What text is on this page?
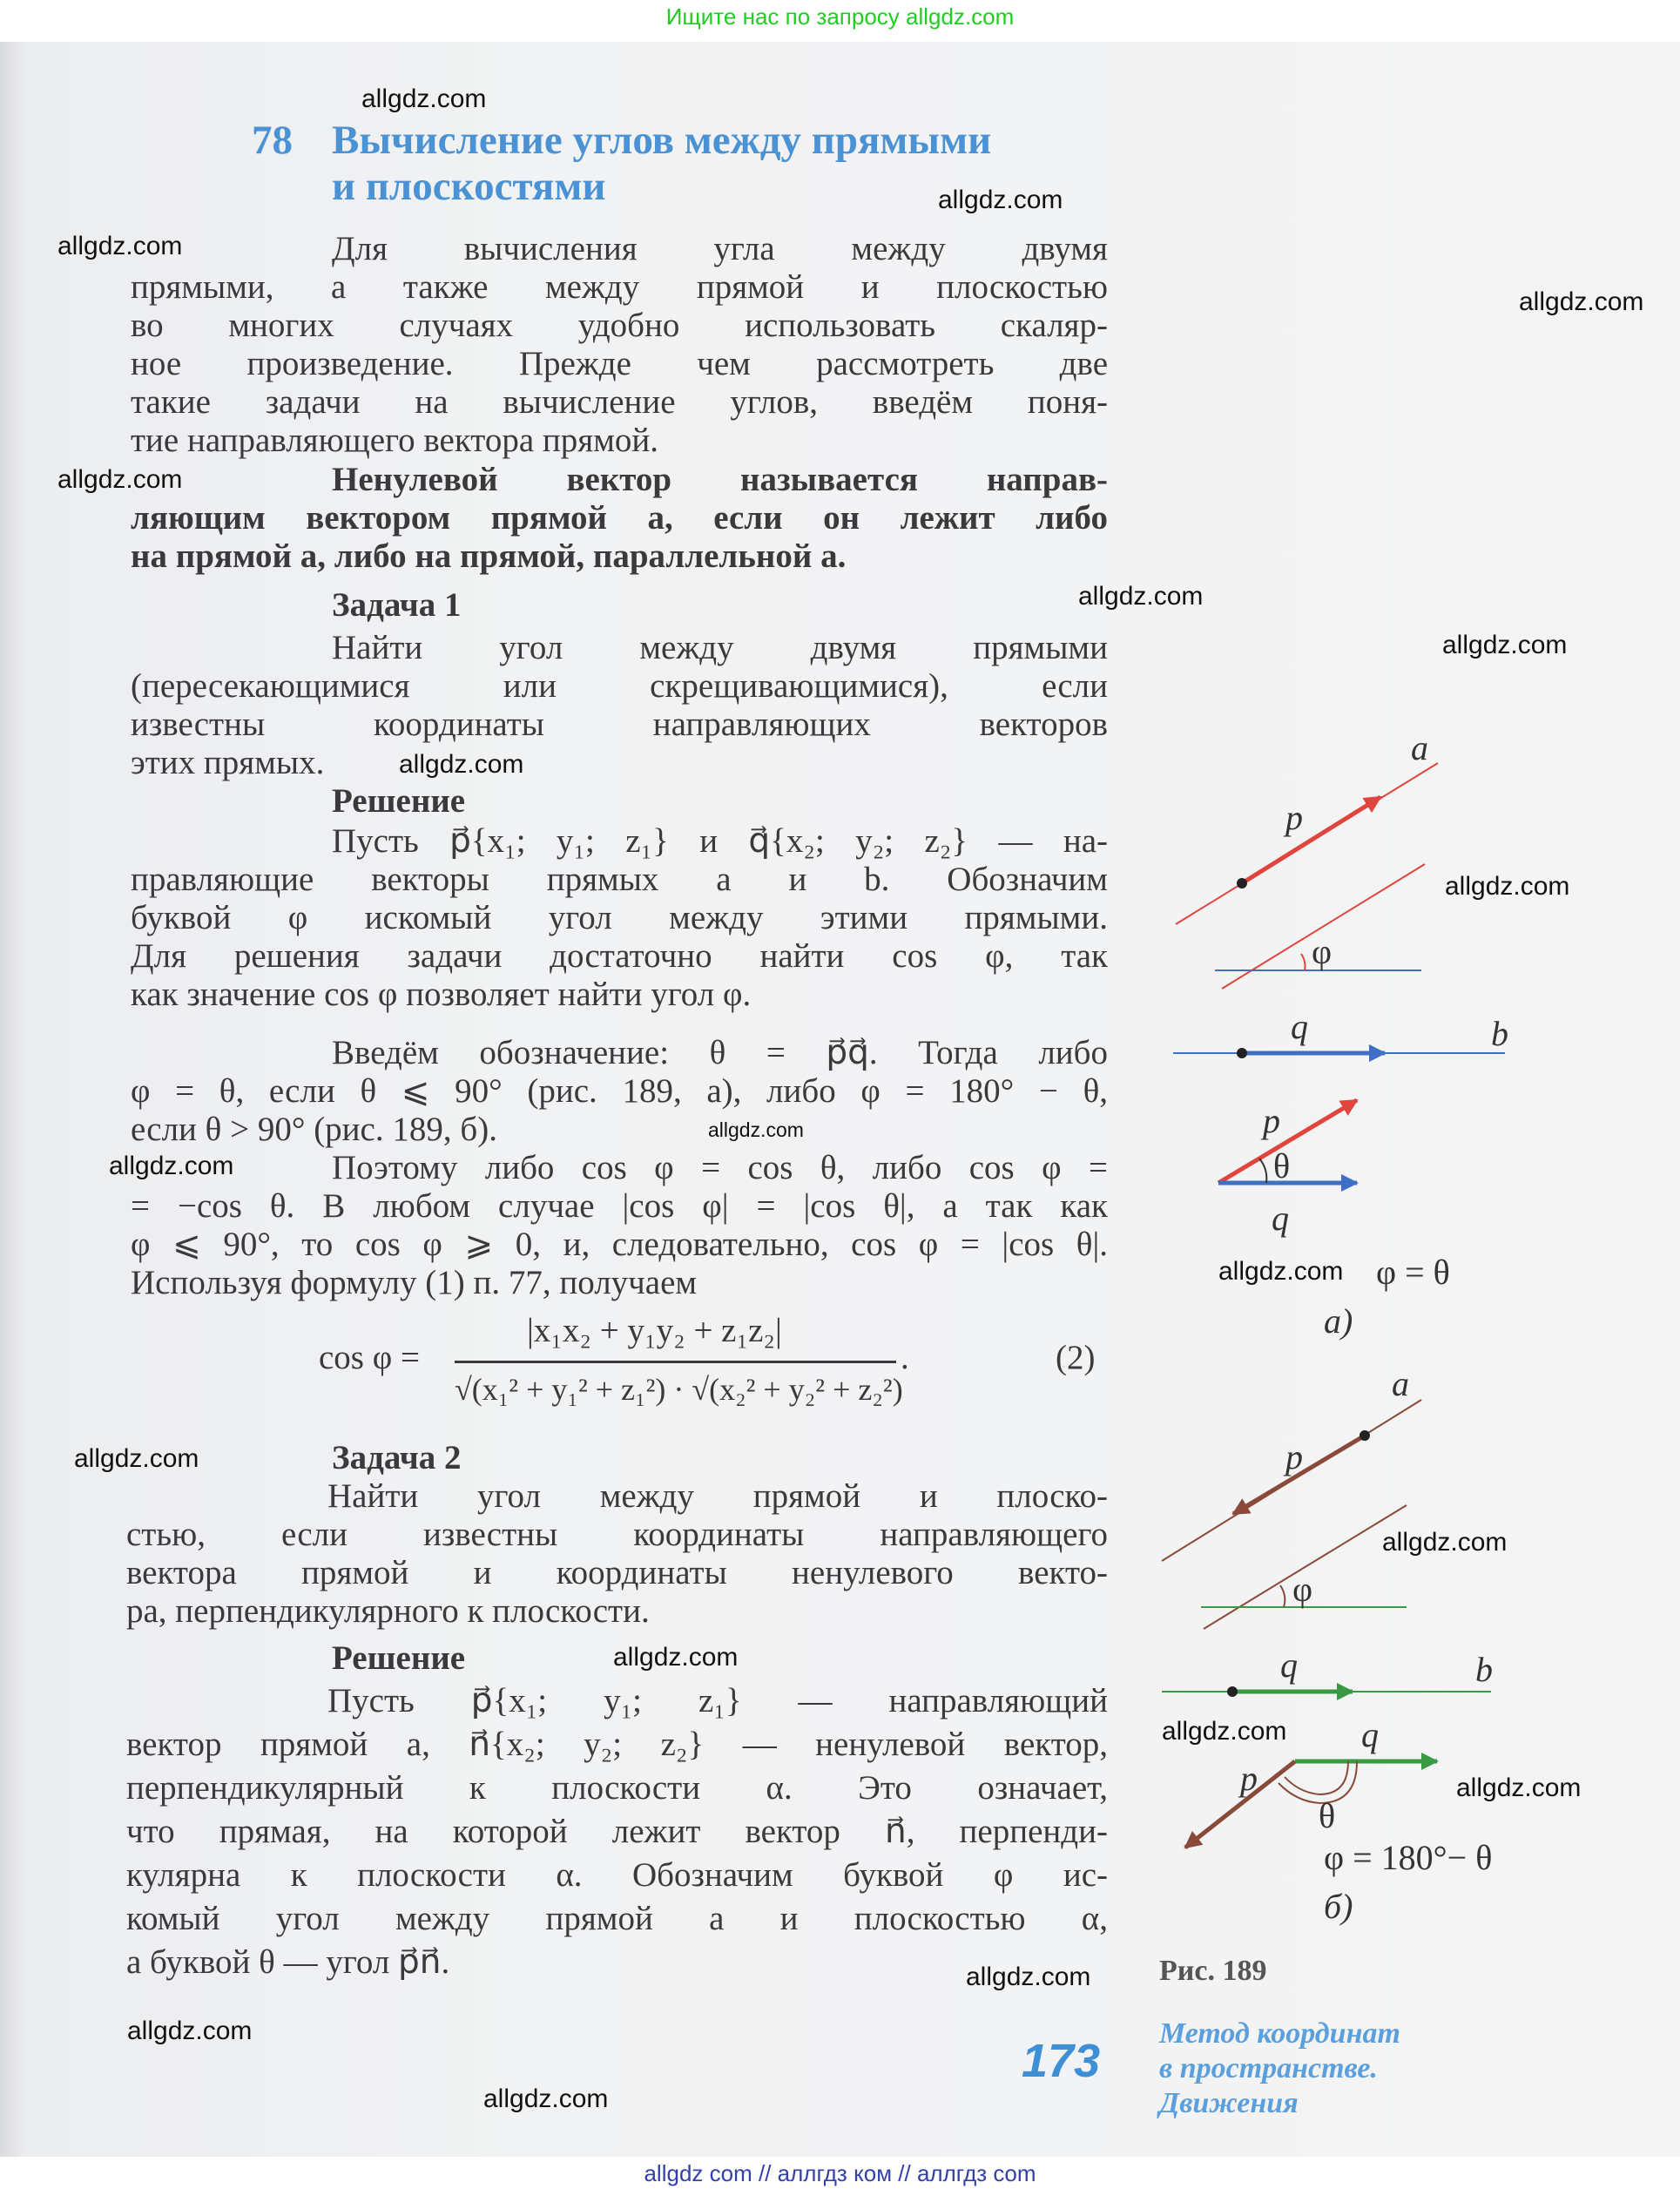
Ищите нас по запросу allgdz.com
78 Вычисление углов между прямыми
и плоскостями
Для вычисления угла между двумя
прямыми, а также между прямой и плоскостью
во многих случаях удобно использовать скаляр-
ное произведение. Прежде чем рассмотреть две
такие задачи на вычисление углов, введём поня-
тие направляющего вектора прямой.
Ненулевой вектор называется направ-
ляющим вектором прямой a, если он лежит либо
на прямой a, либо на прямой, параллельной a.
Задача 1
Найти угол между двумя прямыми
(пересекающимися или скрещивающимися), если
известны координаты направляющих векторов
этих прямых.
Решение
Пусть p⃗{x₁; y₁; z₁} и q⃗{x₂; y₂; z₂} — на-
правляющие векторы прямых a и b. Обозначим
буквой φ искомый угол между этими прямыми.
Для решения задачи достаточно найти cos φ, так
как значение cos φ позволяет найти угол φ.
Введём обозначение: θ = p⃗q⃗. Тогда либо
φ = θ, если θ ⩽ 90° (рис. 189, а), либо φ = 180° − θ,
если θ > 90° (рис. 189, б).
Поэтому либо cos φ = cos θ, либо cos φ =
= −cos θ. В любом случае |cos φ| = |cos θ|, а так как
φ ⩽ 90°, то cos φ ⩾ 0, и, следовательно, cos φ = |cos θ|.
Используя формулу (1) п. 77, получаем
cos φ =
|x₁x₂ + y₁y₂ + z₁z₂|
√(x₁² + y₁² + z₁²) · √(x₂² + y₂² + z₂²)
.	(2)
Задача 2
Найти угол между прямой и плоско-
стью, если известны координаты направляющего
вектора прямой и координаты ненулевого векто-
ра, перпендикулярного к плоскости.
Решение
Пусть p⃗{x₁; y₁; z₁} — направляющий
вектор прямой a, n⃗{x₂; y₂; z₂} — ненулевой вектор,
перпендикулярный к плоскости α. Это означает,
что прямая, на которой лежит вектор n⃗, перпенди-
кулярна к плоскости α. Обозначим буквой φ ис-
комый угол между прямой a и плоскостью α,
а буквой θ — угол p⃗n⃗.
a
p⃗
φ
q⃗	b
p⃗
θ
q⃗
φ = θ
а)
a
p⃗
φ
q⃗	b
q⃗
p⃗
θ
φ = 180°− θ
б)
Рис. 189
173
Метод координат
в пространстве.
Движения
allgdz.com
allgdz.com
allgdz.com
allgdz.com
allgdz.com
allgdz.com
allgdz.com
allgdz.com
allgdz.com
allgdz.com
allgdz.com
allgdz.com
allgdz.com
allgdz.com
allgdz.com
allgdz.com
allgdz.com
allgdz.com
allgdz.com
allgdz.com
allgdz com // аллгдз ком // аллгдз com
